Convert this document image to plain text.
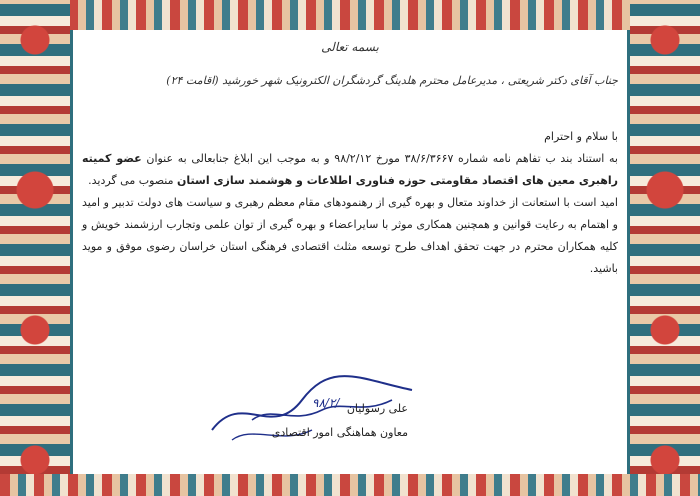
بسمه تعالی
جناب آقای دکتر شریعتی ، مدیرعامل محترم هلدینگ گردشگران الکترونیک شهر خورشید (اقامت ۲۴)

با سلام و احترام

به استناد بند ب تفاهم نامه شماره ۳۸/۶/۳۶۶۷ مورخ ۹۸/۲/۱۲ و به موجب این ابلاغ جنابعالی به عنوان عضو کمیته راهبری معین های اقتصاد مقاومتی حوزه فناوری اطلاعات و هوشمند سازی استان منصوب می گردید.

امید است با استعانت از خداوند متعال و بهره گیری از رهنمودهای مقام معظم رهبری و سیاست های دولت تدبیر و امید و اهتمام به رعایت قوانین و همچنین همکاری موثر با سایراعضاء و بهره گیری از توان علمی وتجارب ارزشمند خویش و کلیه همکاران محترم در جهت تحقق اهداف طرح توسعه مثلث اقتصادی فرهنگی استان خراسان رضوی موفق و موید باشید.

۹۸/۲/ علی رسولیان
معاون هماهنگی امور اقتصادی
